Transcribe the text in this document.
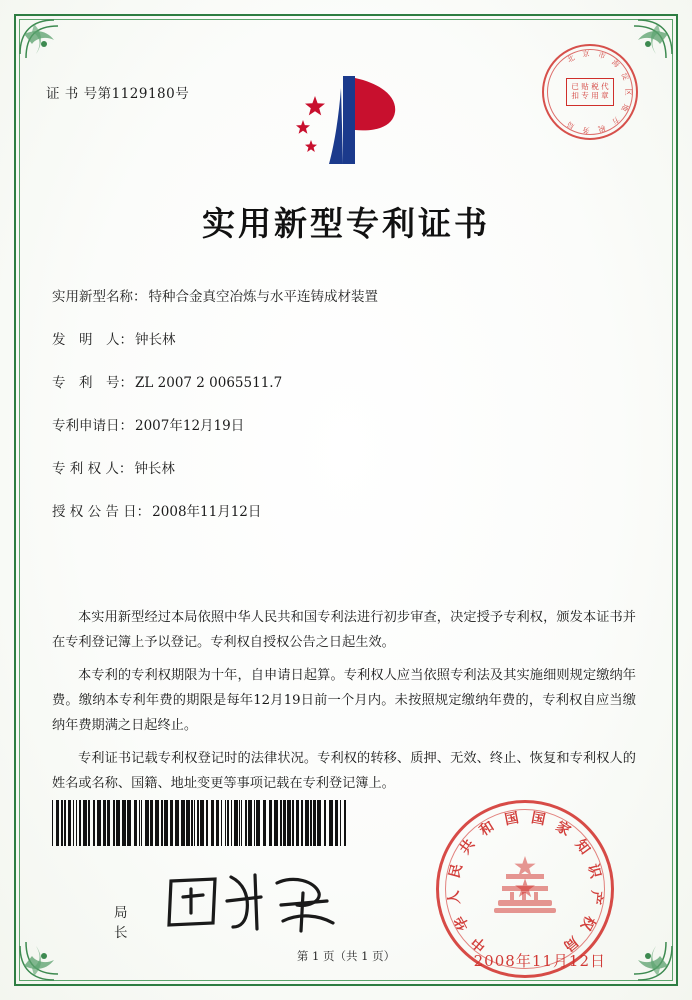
证 书 号第1129180号
北 京 市
海
淀
区
地
方
税
务
局
已 贴 税 代 扣 专 用 章
实用新型专利证书
实用新型名称： 特种合金真空冶炼与水平连铸成材装置
发　明　人： 钟长林
专　利　号： ZL 2007 2 0065511.7
专利申请日： 2007年12月19日
专 利 权 人： 钟长林
授 权 公 告 日： 2008年11月12日

本实用新型经过本局依照中华人民共和国专利法进行初步审查，决定授予专利权，颁发本证书并在专利登记簿上予以登记。专利权自授权公告之日起生效。

本专利的专利权期限为十年，自申请日起算。专利权人应当依照专利法及其实施细则规定缴纳年费。缴纳本专利年费的期限是每年12月19日前一个月内。未按照规定缴纳年费的，专利权自应当缴纳年费期满之日起终止。

专利证书记载专利权登记时的法律状况。专利权的转移、质押、无效、终止、恢复和专利权人的姓名或名称、国籍、地址变更等事项记载在专利登记簿上。

局长	中
华
人
民
共
和 国 国 家
知
识
产
权
局
2008年11月12日
第 1 页（共 1 页）
